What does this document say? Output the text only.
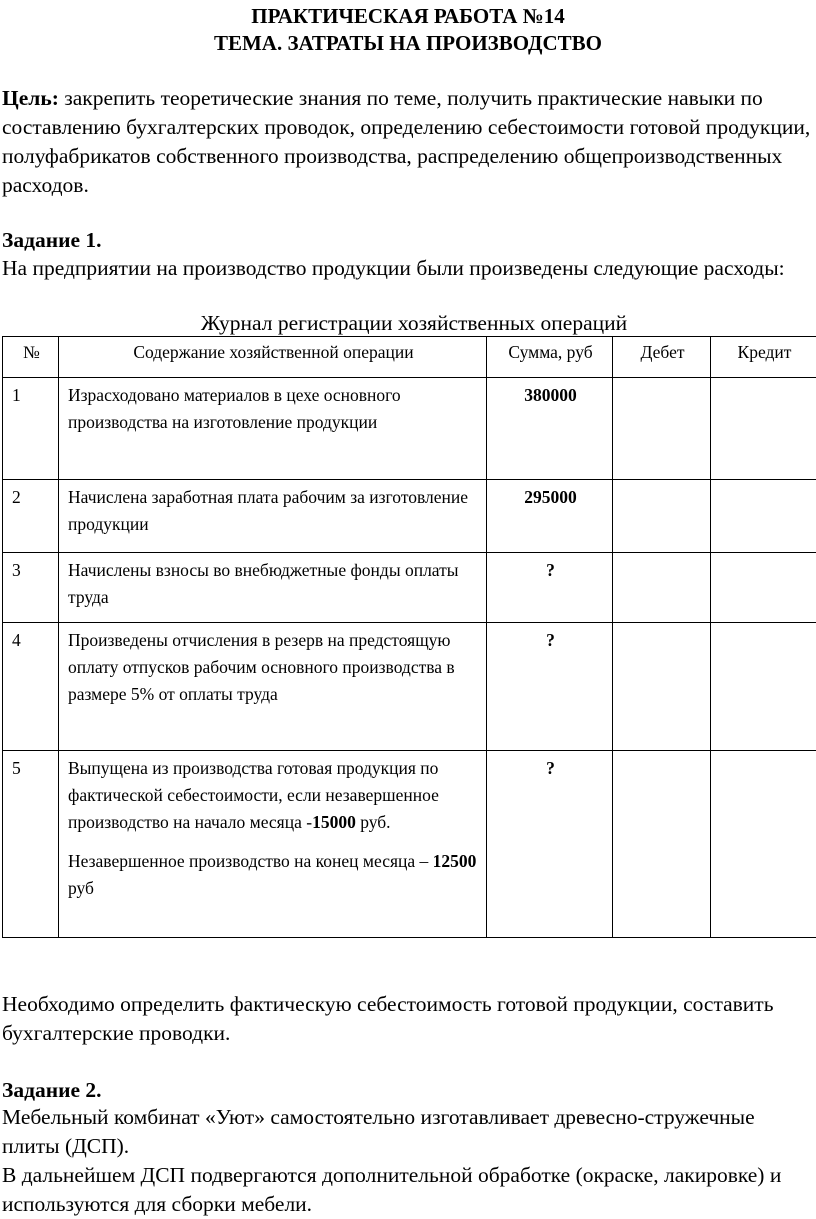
ПРАКТИЧЕСКАЯ РАБОТА №14
ТЕМА. ЗАТРАТЫ НА ПРОИЗВОДСТВО
Цель: закрепить теоретические знания по теме, получить практические навыки по составлению бухгалтерских проводок, определению себестоимости готовой продукции, полуфабрикатов собственного производства, распределению общепроизводственных расходов.
Задание 1.
На предприятии на производство продукции были произведены следующие расходы:
Журнал регистрации хозяйственных операций
№	Содержание хозяйственной операции	Сумма, руб	Дебет	Кредит
1	Израсходовано материалов в цехе основного производства на изготовление продукции	380000		
2	Начислена заработная плата рабочим за изготовление продукции	295000		
3	Начислены взносы во внебюджетные фонды оплаты труда	?		
4	Произведены отчисления в резерв на предстоящую оплату отпусков рабочим основного производства в размере 5% от оплаты труда	?		
5	Выпущена из производства готовая продукция по фактической себестоимости, если незавершенное производство на начало месяца -15000 руб.
Незавершенное производство на конец месяца – 12500 руб	?		
Необходимо определить фактическую себестоимость готовой продукции, составить бухгалтерские проводки.
Задание 2.
Мебельный комбинат «Уют» самостоятельно изготавливает древесно-стружечные плиты (ДСП).
В дальнейшем ДСП подвергаются дополнительной обработке (окраске, лакировке) и используются для сборки мебели.
